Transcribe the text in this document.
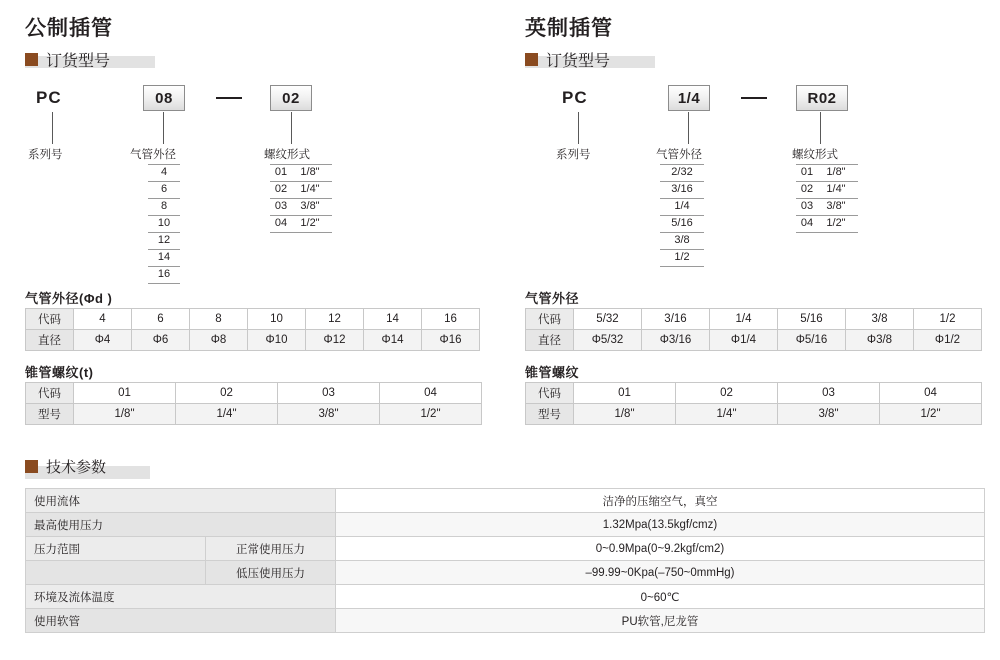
公制插管
订货型号
PC	08	02
系列号	气管外径	螺纹形式
4
6
8
10
12
14
16
01	1/8"
02	1/4"
03	3/8"
04	1/2"
英制插管
订货型号
PC	1/4	R02
系列号	气管外径	螺纹形式
2/32
3/16
1/4
5/16
3/8
1/2
01	1/8"
02	1/4"
03	3/8"
04	1/2"
气管外径(Φd )
代码	4	6	8	10	12	14	16
直径	Φ4	Φ6	Φ8	Φ10	Φ12	Φ14	Φ16
锥管螺纹(t)
代码	01	02	03	04
型号	1/8"	1/4"	3/8"	1/2"
气管外径
代码	5/32	3/16	1/4	5/16	3/8	1/2
直径	Φ5/32	Φ3/16	Φ1/4	Φ5/16	Φ3/8	Φ1/2
锥管螺纹
代码	01	02	03	04
型号	1/8"	1/4"	3/8"	1/2"
技术参数
使用流体		洁净的压缩空气，真空
最高使用压力		1.32Mpa(13.5kgf/cmz)
压力范围	正常使用压力	0~0.9Mpa(0~9.2kgf/cm2)
	低压使用压力	–99.99~0Kpa(–750~0mmHg)
环境及流体温度		0~60℃
使用软管		PU软管,尼龙管
